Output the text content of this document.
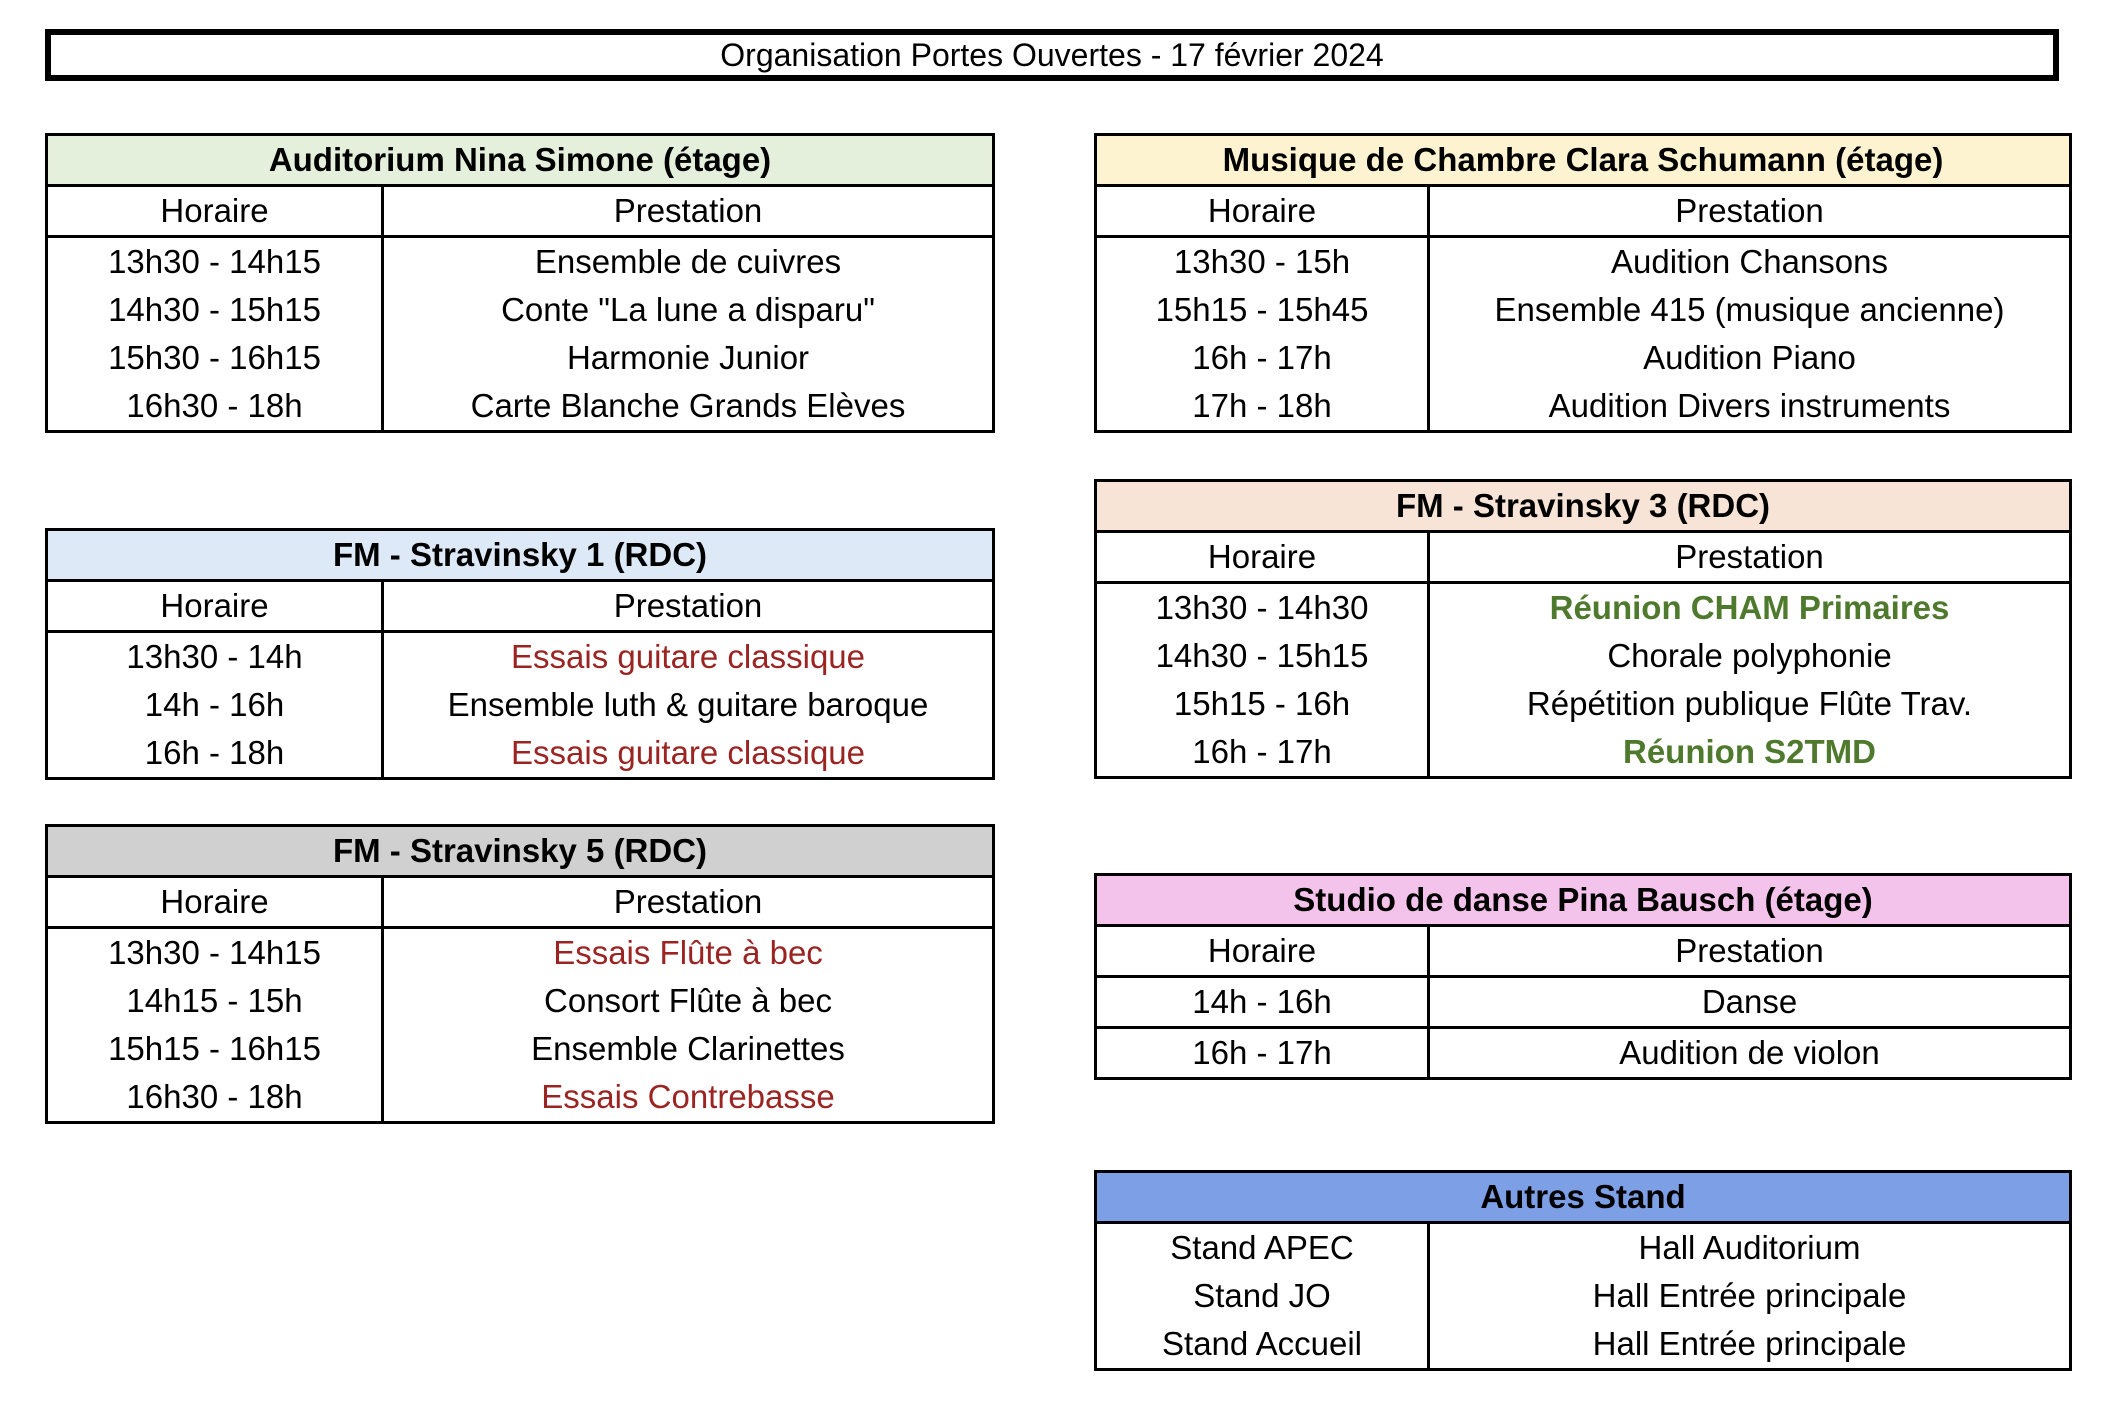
Organisation Portes Ouvertes - 17 février 2024
Auditorium Nina Simone (étage)	
Horaire	Prestation
13h30 - 14h15	Ensemble de cuivres
14h30 - 15h15	Conte "La lune a disparu"
15h30 - 16h15	Harmonie Junior
16h30 - 18h	Carte Blanche Grands Elèves
Musique de Chambre Clara Schumann (étage)	
Horaire	Prestation
13h30 - 15h	Audition Chansons
15h15 - 15h45	Ensemble 415 (musique ancienne)
16h - 17h	Audition Piano
17h - 18h	Audition Divers instruments
FM - Stravinsky 1 (RDC)	
Horaire	Prestation
13h30 - 14h	Essais guitare classique
14h - 16h	Ensemble luth & guitare baroque
16h - 18h	Essais guitare classique
FM - Stravinsky 3 (RDC)	
Horaire	Prestation
13h30 - 14h30	Réunion CHAM Primaires
14h30 - 15h15	Chorale polyphonie
15h15 - 16h	Répétition publique Flûte Trav.
16h - 17h	Réunion S2TMD
FM - Stravinsky 5 (RDC)	
Horaire	Prestation
13h30 - 14h15	Essais Flûte à bec
14h15 - 15h	Consort Flûte à bec
15h15 - 16h15	Ensemble Clarinettes
16h30 - 18h	Essais Contrebasse
Studio de danse Pina Bausch (étage)	
Horaire	Prestation
14h - 16h	Danse
16h - 17h	Audition de violon
Autres Stand	
Stand APEC	Hall Auditorium
Stand JO	Hall Entrée principale
Stand Accueil	Hall Entrée principale
